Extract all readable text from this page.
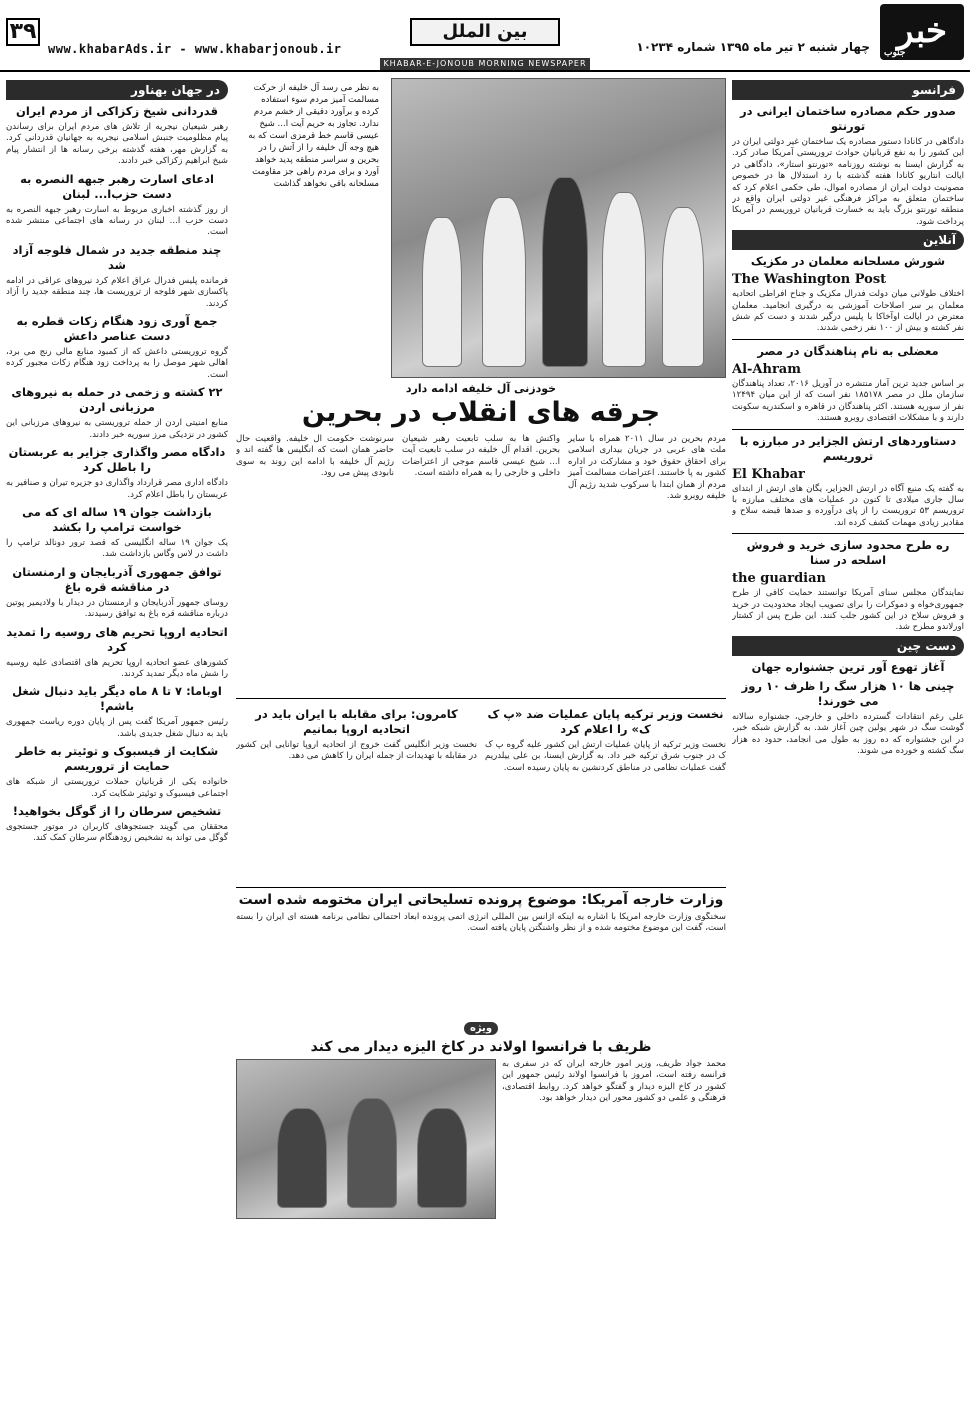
۳۹
www.khabarAds.ir - www.khabarjonoub.ir
بین الملل	خبر
جنوب
چهار شنبه ۲ تیر ماه ۱۳۹۵ شماره ۱۰۲۳۴
KHABAR-E-JONOUB MORNING NEWSPAPER
فرانسو
صدور حکم مصادره ساختمان ایرانی در تورنتو
دادگاهی در کانادا دستور مصادره یک ساختمان غیر دولتی ایران در این کشور را به نفع قربانیان حوادث تروریستی آمریکا صادر کرد. به گزارش ایسنا به نوشته روزنامه «تورنتو استار»، دادگاهی در ایالت انتاریو کانادا هفته گذشته با رد استدلال ها در خصوص مصونیت دولت ایران از مصادره اموال، طی حکمی اعلام کرد که ساختمان متعلق به مراکز فرهنگی غیر دولتی ایران واقع در منطقه تورنتو بزرگ باید به خسارت قربانیان تروریسم در آمریکا پرداخت شود.
آنلاین
شورش مسلحانه معلمان در مکزیک
The Washington Post
اختلاف طولانی میان دولت فدرال مکزیک و جناح افراطی اتحادیه معلمان بر سر اصلاحات آموزشی به درگیری انجامید. معلمان معترض در ایالت اوآخاکا با پلیس درگیر شدند و دست کم شش نفر کشته و بیش از ۱۰۰ نفر زخمی شدند.
معضلی به نام پناهندگان در مصر
Al-Ahram
بر اساس جدید ترین آمار منتشره در آوریل ۲۰۱۶، تعداد پناهندگان سازمان ملل در مصر ۱۸۵۱۷۸ نفر است که از این میان ۱۲۴۹۴ نفر از سوریه هستند. اکثر پناهندگان در قاهره و اسکندریه سکونت دارند و با مشکلات اقتصادی روبرو هستند.
دستاوردهای ارتش الجزایر در مبارزه با تروریسم
El Khabar
به گفته یک منبع آگاه در ارتش الجزایر، یگان های ارتش از ابتدای سال جاری میلادی تا کنون در عملیات های مختلف مبارزه با تروریسم ۵۳ تروریست را از پای درآورده و صدها قبضه سلاح و مقادیر زیادی مهمات کشف کرده اند.
ره طرح محدود سازی خرید و فروش اسلحه در سنا
the guardian
نمایندگان مجلس سنای آمریکا توانستند حمایت کافی از طرح جمهوری‌خواه و دموکرات را برای تصویب ایجاد محدودیت در خرید و فروش سلاح در این کشور جلب کنند. این طرح پس از کشتار اورلاندو مطرح شد.
دست چین
آغاز تهوع آور ترین جشنواره جهان
چینی ها ۱۰ هزار سگ را ظرف ۱۰ روز می خورند!
علی رغم انتقادات گسترده داخلی و خارجی، جشنواره سالانه گوشت سگ در شهر یولین چین آغاز شد. به گزارش شبکه خبر، در این جشنواره که ده روز به طول می انجامد، حدود ده هزار سگ کشته و خورده می شوند.
در جهان بهناور
قدردانی شیخ زکزاکی از مردم ایران
رهبر شیعیان نیجریه از تلاش های مردم ایران برای رساندن پیام مظلومیت جنبش اسلامی نیجریه به جهانیان قدردانی کرد. به گزارش مهر، هفته گذشته برخی رسانه ها از انتشار پیام شیخ ابراهیم زکزاکی خبر دادند.
ادعای اسارت رهبر جبهه النصره به دست حزب‌ا... لبنان
از روز گذشته اخباری مربوط به اسارت رهبر جبهه النصره به دست حزب ا... لبنان در رسانه های اجتماعی منتشر شده است.
چند منطقه جدید در شمال فلوجه آزاد شد
فرمانده پلیس فدرال عراق اعلام کرد نیروهای عراقی در ادامه پاکسازی شهر فلوجه از تروریست ها، چند منطقه جدید را آزاد کردند.
جمع آوری زود هنگام زکات قطره به دست عناصر داعش
گروه تروریستی داعش که از کمبود منابع مالی رنج می برد، اهالی شهر موصل را به پرداخت زود هنگام زکات مجبور کرده است.
۲۲ کشته و زخمی در حمله به نیروهای مرزبانی اردن
منابع امنیتی اردن از حمله تروریستی به نیروهای مرزبانی این کشور در نزدیکی مرز سوریه خبر دادند.
دادگاه مصر واگذاری جزایر به عربستان را باطل کرد
دادگاه اداری مصر قرارداد واگذاری دو جزیره تیران و صنافیر به عربستان را باطل اعلام کرد.
بازداشت جوان ۱۹ ساله ای که می خواست ترامپ را بکشد
یک جوان ۱۹ ساله انگلیسی که قصد ترور دونالد ترامپ را داشت در لاس وگاس بازداشت شد.
توافق جمهوری آذربایجان و ارمنستان در مناقشه قره باغ
روسای جمهور آذربایجان و ارمنستان در دیدار با ولادیمیر پوتین درباره مناقشه قره باغ به توافق رسیدند.
اتحادیه اروپا تحریم های روسیه را تمدید کرد
کشورهای عضو اتحادیه اروپا تحریم های اقتصادی علیه روسیه را شش ماه دیگر تمدید کردند.
اوباما: ۷ تا ۸ ماه دیگر باید دنبال شغل باشم!
رئیس جمهور آمریکا گفت پس از پایان دوره ریاست جمهوری باید به دنبال شغل جدیدی باشد.
شکایت از فیسبوک و توئیتر به خاطر حمایت از تروریسم
خانواده یکی از قربانیان حملات تروریستی از شبکه های اجتماعی فیسبوک و توئیتر شکایت کرد.
تشخیص سرطان را از گوگل بخواهید!
محققان می گویند جستجوهای کاربران در موتور جستجوی گوگل می تواند به تشخیص زودهنگام سرطان کمک کند.
به نظر می رسد آل خلیفه از حرکت مسالمت آمیز مردم سوء استفاده کرده و برآورد دقیقی از خشم مردم ندارد. تجاوز به حریم آیت ا... شیخ عیسی قاسم خط قرمزی است که به هیچ وجه آل خلیفه را از آتش را در بحرین و سراسر منطقه پدید خواهد آورد و برای مردم راهی جز مقاومت مسلحانه باقی نخواهد گذاشت
خودزنی آل خلیفه ادامه دارد
جرقه های انقلاب در بحرین
مردم بحرین در سال ۲۰۱۱ همراه با سایر ملت های عربی در جریان بیداری اسلامی برای احقاق حقوق خود و مشارکت در اداره کشور به پا خاستند. اعتراضات مسالمت آمیز مردم از همان ابتدا با سرکوب شدید رژیم آل خلیفه روبرو شد.
واکنش ها به سلب تابعیت رهبر شیعیان بحرین. اقدام آل خلیفه در سلب تابعیت آیت ا... شیخ عیسی قاسم موجی از اعتراضات داخلی و خارجی را به همراه داشته است.
سرنوشت حکومت آل خلیفه. واقعیت حال حاضر همان است که انگلیس ها گفته اند و رژیم آل خلیفه با ادامه این روند به سوی نابودی پیش می رود.
نخست وزیر ترکیه پایان عملیات ضد «پ ک ک» را اعلام کرد
نخست وزیر ترکیه از پایان عملیات ارتش این کشور علیه گروه پ ک ک در جنوب شرق ترکیه خبر داد. به گزارش ایسنا، بن علی ییلدریم گفت عملیات نظامی در مناطق کردنشین به پایان رسیده است.
کامرون: برای مقابله با ایران باید در اتحادیه اروپا بمانیم
نخست وزیر انگلیس گفت خروج از اتحادیه اروپا توانایی این کشور در مقابله با تهدیدات از جمله ایران را کاهش می دهد.
وزارت خارجه آمریکا: موضوع پرونده تسلیحاتی ایران مختومه شده است
سخنگوی وزارت خارجه آمریکا با اشاره به اینکه آژانس بین المللی انرژی اتمی پرونده ابعاد احتمالی نظامی برنامه هسته ای ایران را بسته است، گفت این موضوع مختومه شده و از نظر واشنگتن پایان یافته است.
ویژه
ظریف با فرانسوا اولاند در کاخ الیزه دیدار می کند
محمد جواد ظریف، وزیر امور خارجه ایران که در سفری به فرانسه رفته است، امروز با فرانسوا اولاند رئیس جمهور این کشور در کاخ الیزه دیدار و گفتگو خواهد کرد. روابط اقتصادی، فرهنگی و علمی دو کشور محور این دیدار خواهد بود.
